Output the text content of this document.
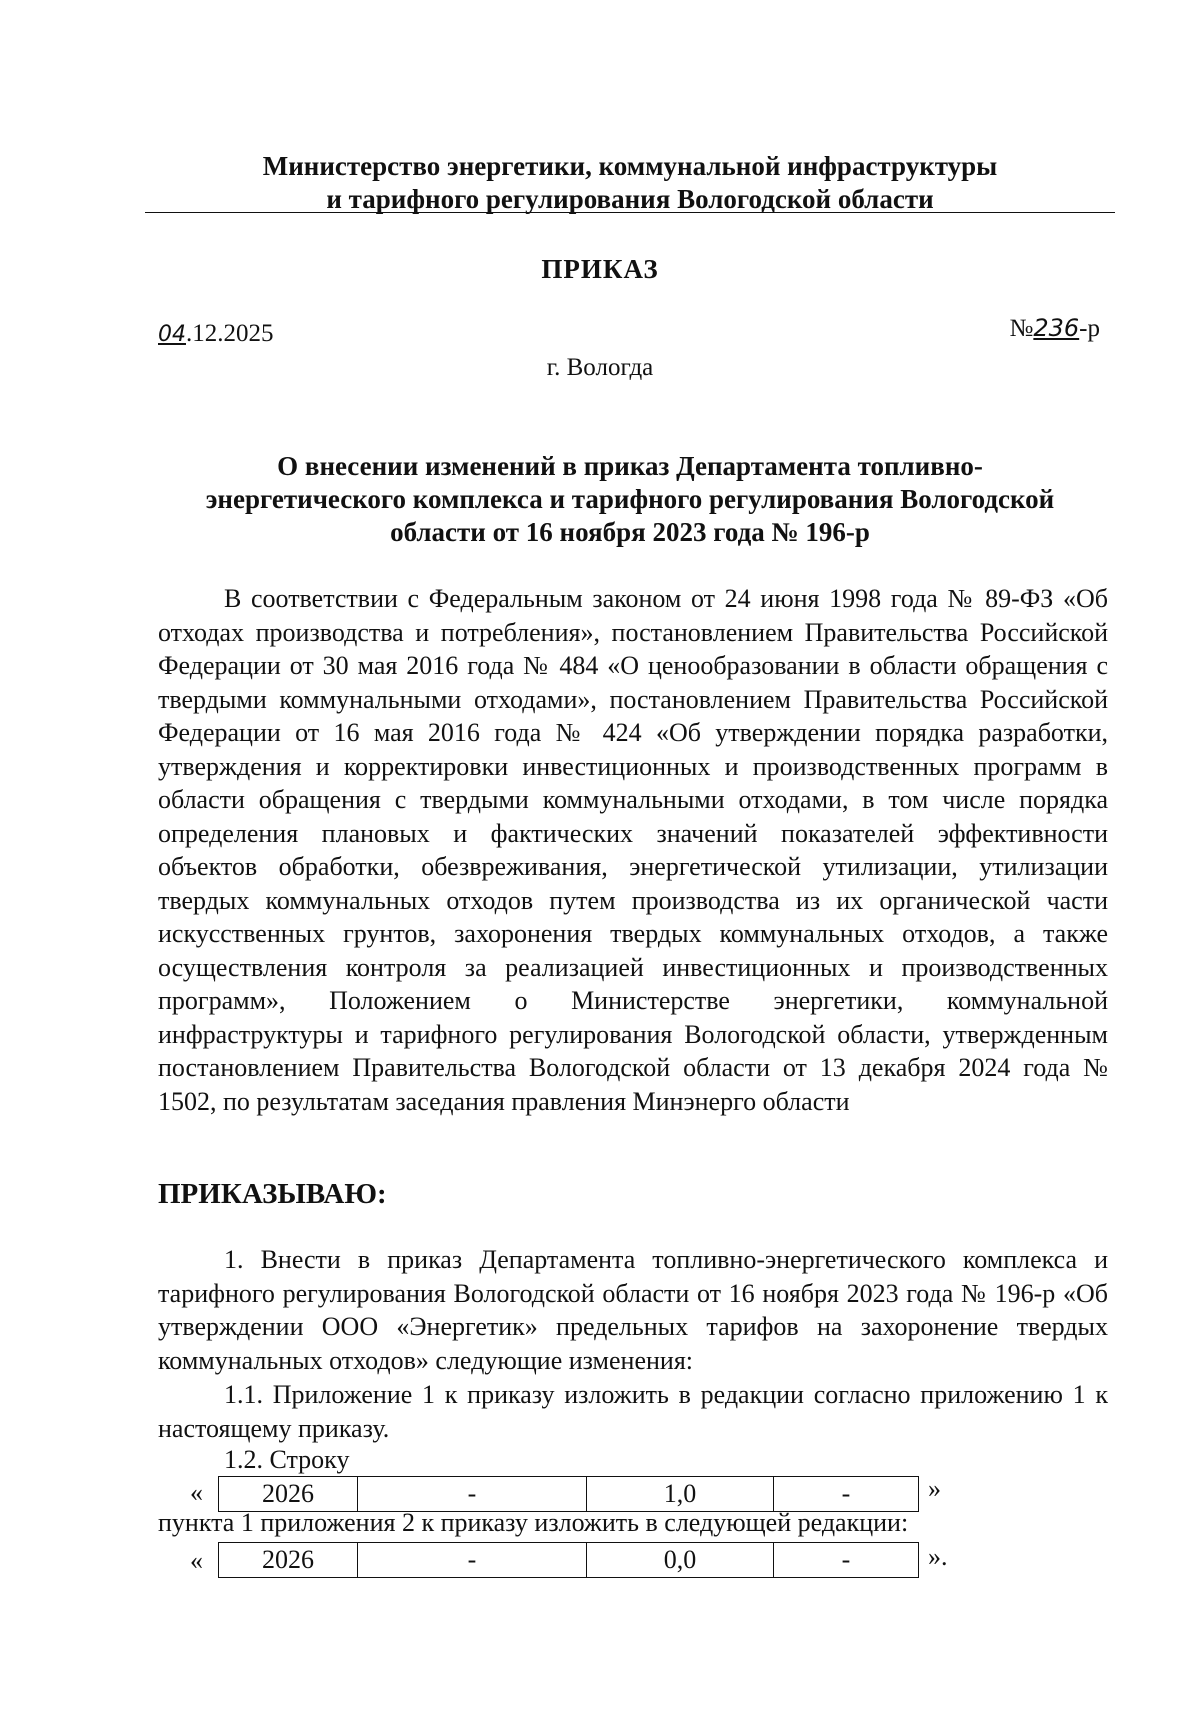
Министерство энергетики, коммунальной инфраструктуры
и тарифного регулирования Вологодской области
ПРИКАЗ
04.12.2025	№236-р
г. Вологда
О внесении изменений в приказ Департамента топливно-
энергетического комплекса и тарифного регулирования Вологодской
области от 16 ноября 2023 года № 196-р

В соответствии с Федеральным законом от 24 июня 1998 года № 89-ФЗ «Об отходах производства и потребления», постановлением Правительства Российской Федерации от 30 мая 2016 года № 484 «О ценообразовании в области обращения с твердыми коммунальными отходами», постановлением Правительства Российской Федерации от 16 мая 2016 года № 424 «Об утверждении порядка разработки, утверждения и корректировки инвестиционных и производственных программ в области обращения с твердыми коммунальными отходами, в том числе порядка определения плановых и фактических значений показателей эффективности объектов обработки, обезвреживания, энергетической утилизации, утилизации твердых коммунальных отходов путем производства из их органической части искусственных грунтов, захоронения твердых коммунальных отходов, а также осуществления контроля за реализацией инвестиционных и производственных программ», Положением о Министерстве энергетики, коммунальной инфраструктуры и тарифного регулирования Вологодской области, утвержденным постановлением Правительства Вологодской области от 13 декабря 2024 года № 1502, по результатам заседания правления Минэнерго области

ПРИКАЗЫВАЮ:

1. Внести в приказ Департамента топливно-энергетического комплекса и тарифного регулирования Вологодской области от 16 ноября 2023 года № 196-р «Об утверждении ООО «Энергетик» предельных тарифов на захоронение твердых коммунальных отходов» следующие изменения:

1.1. Приложение 1 к приказу изложить в редакции согласно приложению 1 к настоящему приказу.

1.2. Строку
« 2026	-	1,0	-	»
пункта 1 приложения 2 к приказу изложить в следующей редакции:
« 2026	-	0,0	-	».
